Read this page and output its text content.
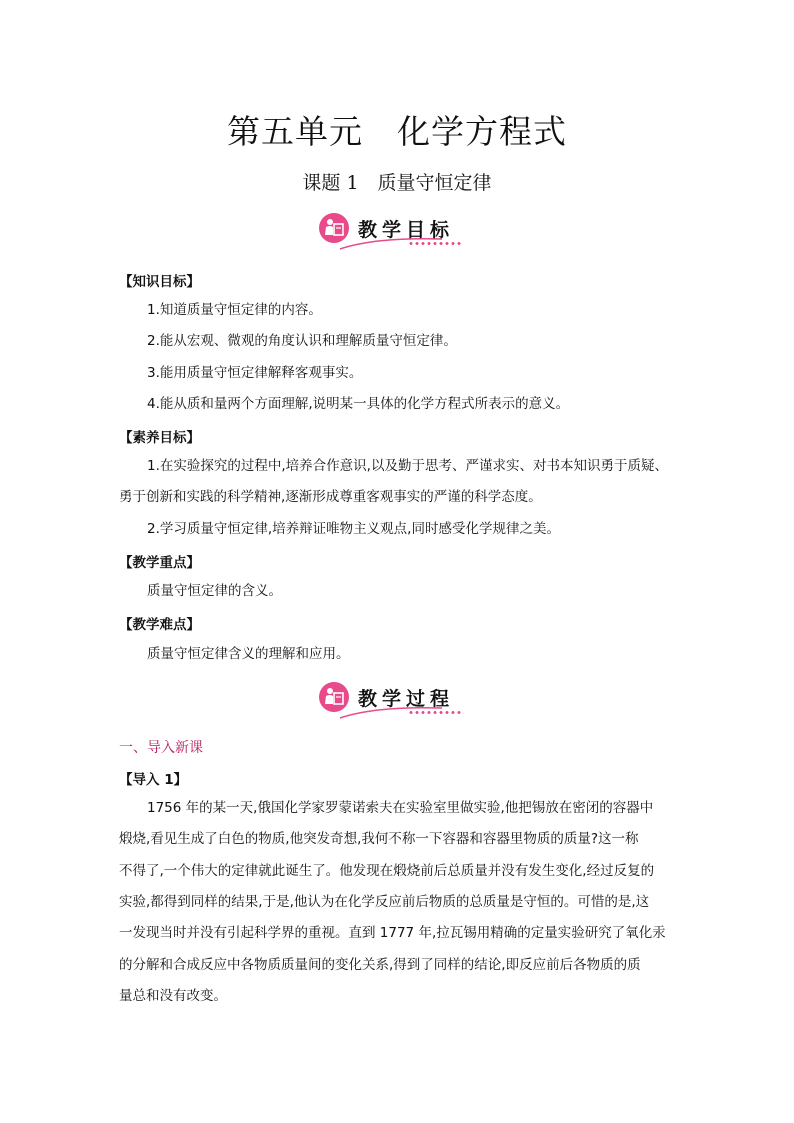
第五单元　化学方程式
课题 1　质量守恒定律
教学目标

【知识目标】

1.知道质量守恒定律的内容。

2.能从宏观、微观的角度认识和理解质量守恒定律。

3.能用质量守恒定律解释客观事实。

4.能从质和量两个方面理解,说明某一具体的化学方程式所表示的意义。

【素养目标】

1.在实验探究的过程中,培养合作意识,以及勤于思考、严谨求实、对书本知识勇于质疑、

勇于创新和实践的科学精神,逐渐形成尊重客观事实的严谨的科学态度。

2.学习质量守恒定律,培养辩证唯物主义观点,同时感受化学规律之美。

【教学重点】

质量守恒定律的含义。

【教学难点】

质量守恒定律含义的理解和应用。

教学过程

一、导入新课

【导入 1】

1756 年的某一天,俄国化学家罗蒙诺索夫在实验室里做实验,他把锡放在密闭的容器中

煅烧,看见生成了白色的物质,他突发奇想,我何不称一下容器和容器里物质的质量?这一称

不得了,一个伟大的定律就此诞生了。他发现在煅烧前后总质量并没有发生变化,经过反复的

实验,都得到同样的结果,于是,他认为在化学反应前后物质的总质量是守恒的。可惜的是,这

一发现当时并没有引起科学界的重视。直到 1777 年,拉瓦锡用精确的定量实验研究了氧化汞

的分解和合成反应中各物质质量间的变化关系,得到了同样的结论,即反应前后各物质的质

量总和没有改变。
